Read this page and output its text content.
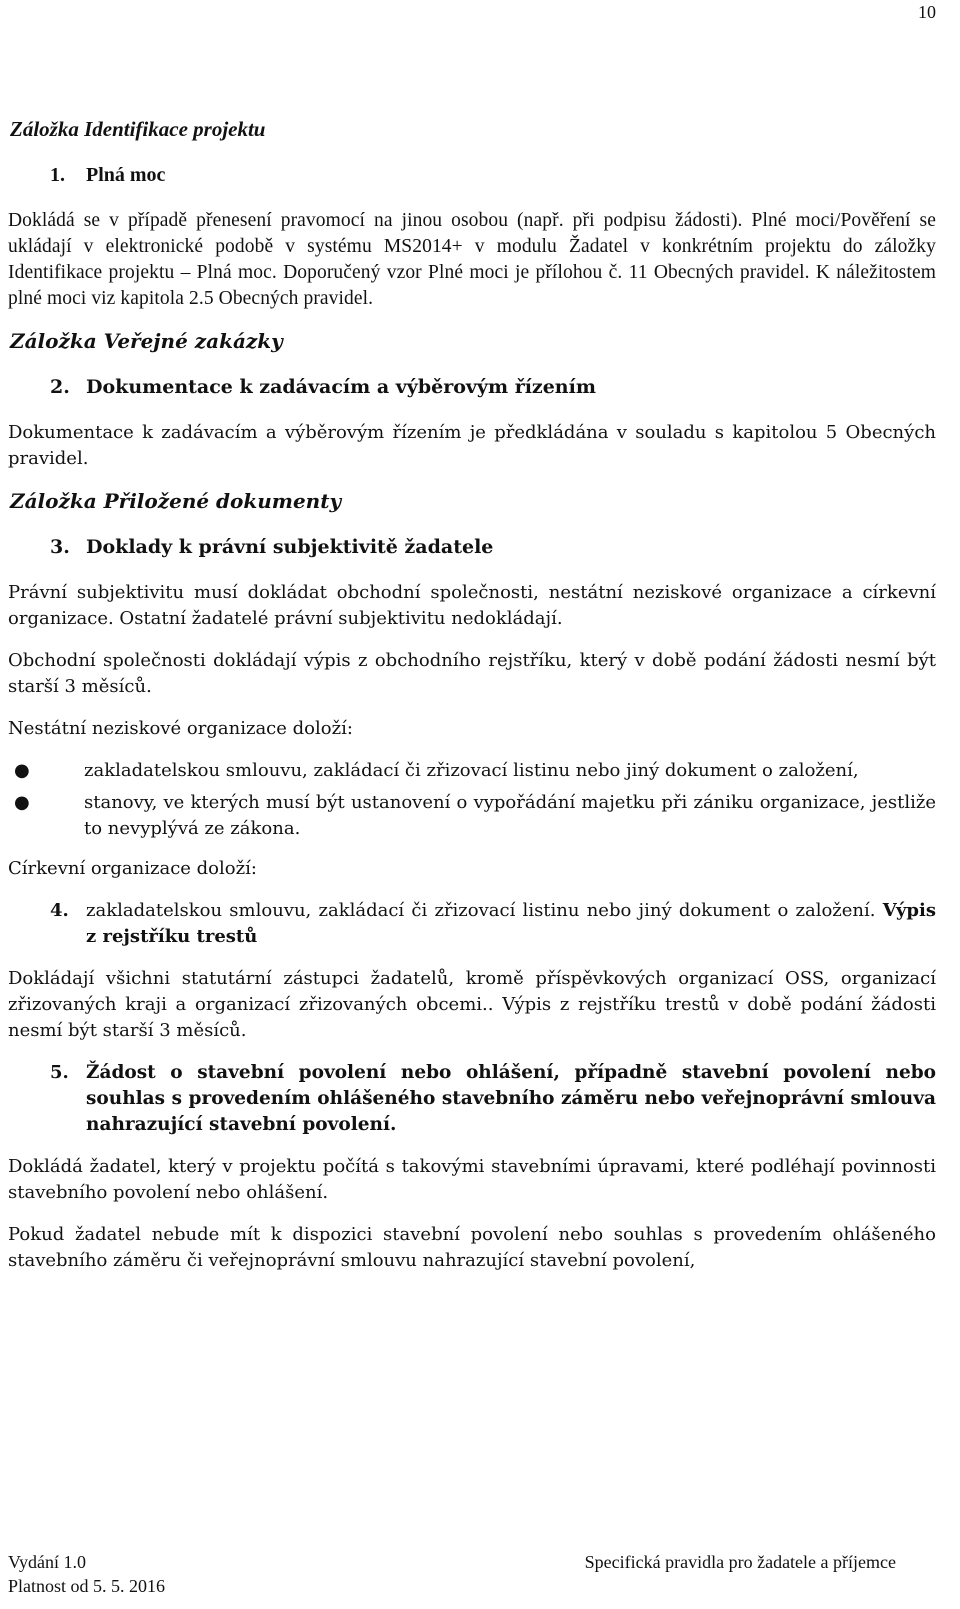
10
Záložka Identifikace projektu
1.	Plná moc

Dokládá se v případě přenesení pravomocí na jinou osobou (např. při podpisu žádosti). Plné moci/Pověření se ukládají v elektronické podobě v systému MS2014+ v modulu Žadatel v konkrétním projektu do záložky Identifikace projektu – Plná moc. Doporučený vzor Plné moci je přílohou č. 11 Obecných pravidel. K náležitostem plné moci viz kapitola 2.5 Obecných pravidel.

Záložka Veřejné zakázky
2. Dokumentace k zadávacím a výběrovým řízením

Dokumentace k zadávacím a výběrovým řízením je předkládána v souladu s kapitolou 5 Obecných pravidel.

Záložka Přiložené dokumenty
3. Doklady k právní subjektivitě žadatele

Právní subjektivitu musí dokládat obchodní společnosti, nestátní neziskové organizace a církevní organizace. Ostatní žadatelé právní subjektivitu nedokládají.

Obchodní společnosti dokládají výpis z obchodního rejstříku, který v době podání žádosti nesmí být starší 3 měsíců.

Nestátní neziskové organizace doloží:

●	zakladatelskou smlouvu, zakládací či zřizovací listinu nebo jiný dokument o založení,
●	stanovy, ve kterých musí být ustanovení o vypořádání majetku při zániku organizace, jestliže to nevyplývá ze zákona.

Církevní organizace doloží:

4. zakladatelskou smlouvu, zakládací či zřizovací listinu nebo jiný dokument o založení. Výpis z rejstříku trestů

Dokládají všichni statutární zástupci žadatelů, kromě příspěvkových organizací OSS, organizací zřizovaných kraji a organizací zřizovaných obcemi.. Výpis z rejstříku trestů v době podání žádosti nesmí být starší 3 měsíců.

5. Žádost o stavební povolení nebo ohlášení, případně stavební povolení nebo souhlas s provedením ohlášeného stavebního záměru nebo veřejnoprávní smlouva nahrazující stavební povolení.

Dokládá žadatel, který v projektu počítá s takovými stavebními úpravami, které podléhají povinnosti stavebního povolení nebo ohlášení.

Pokud žadatel nebude mít k dispozici stavební povolení nebo souhlas s provedením ohlášeného stavebního záměru či veřejnoprávní smlouvu nahrazující stavební povolení,

Vydání 1.0
Platnost od 5. 5. 2016
Specifická pravidla pro žadatele a příjemce
